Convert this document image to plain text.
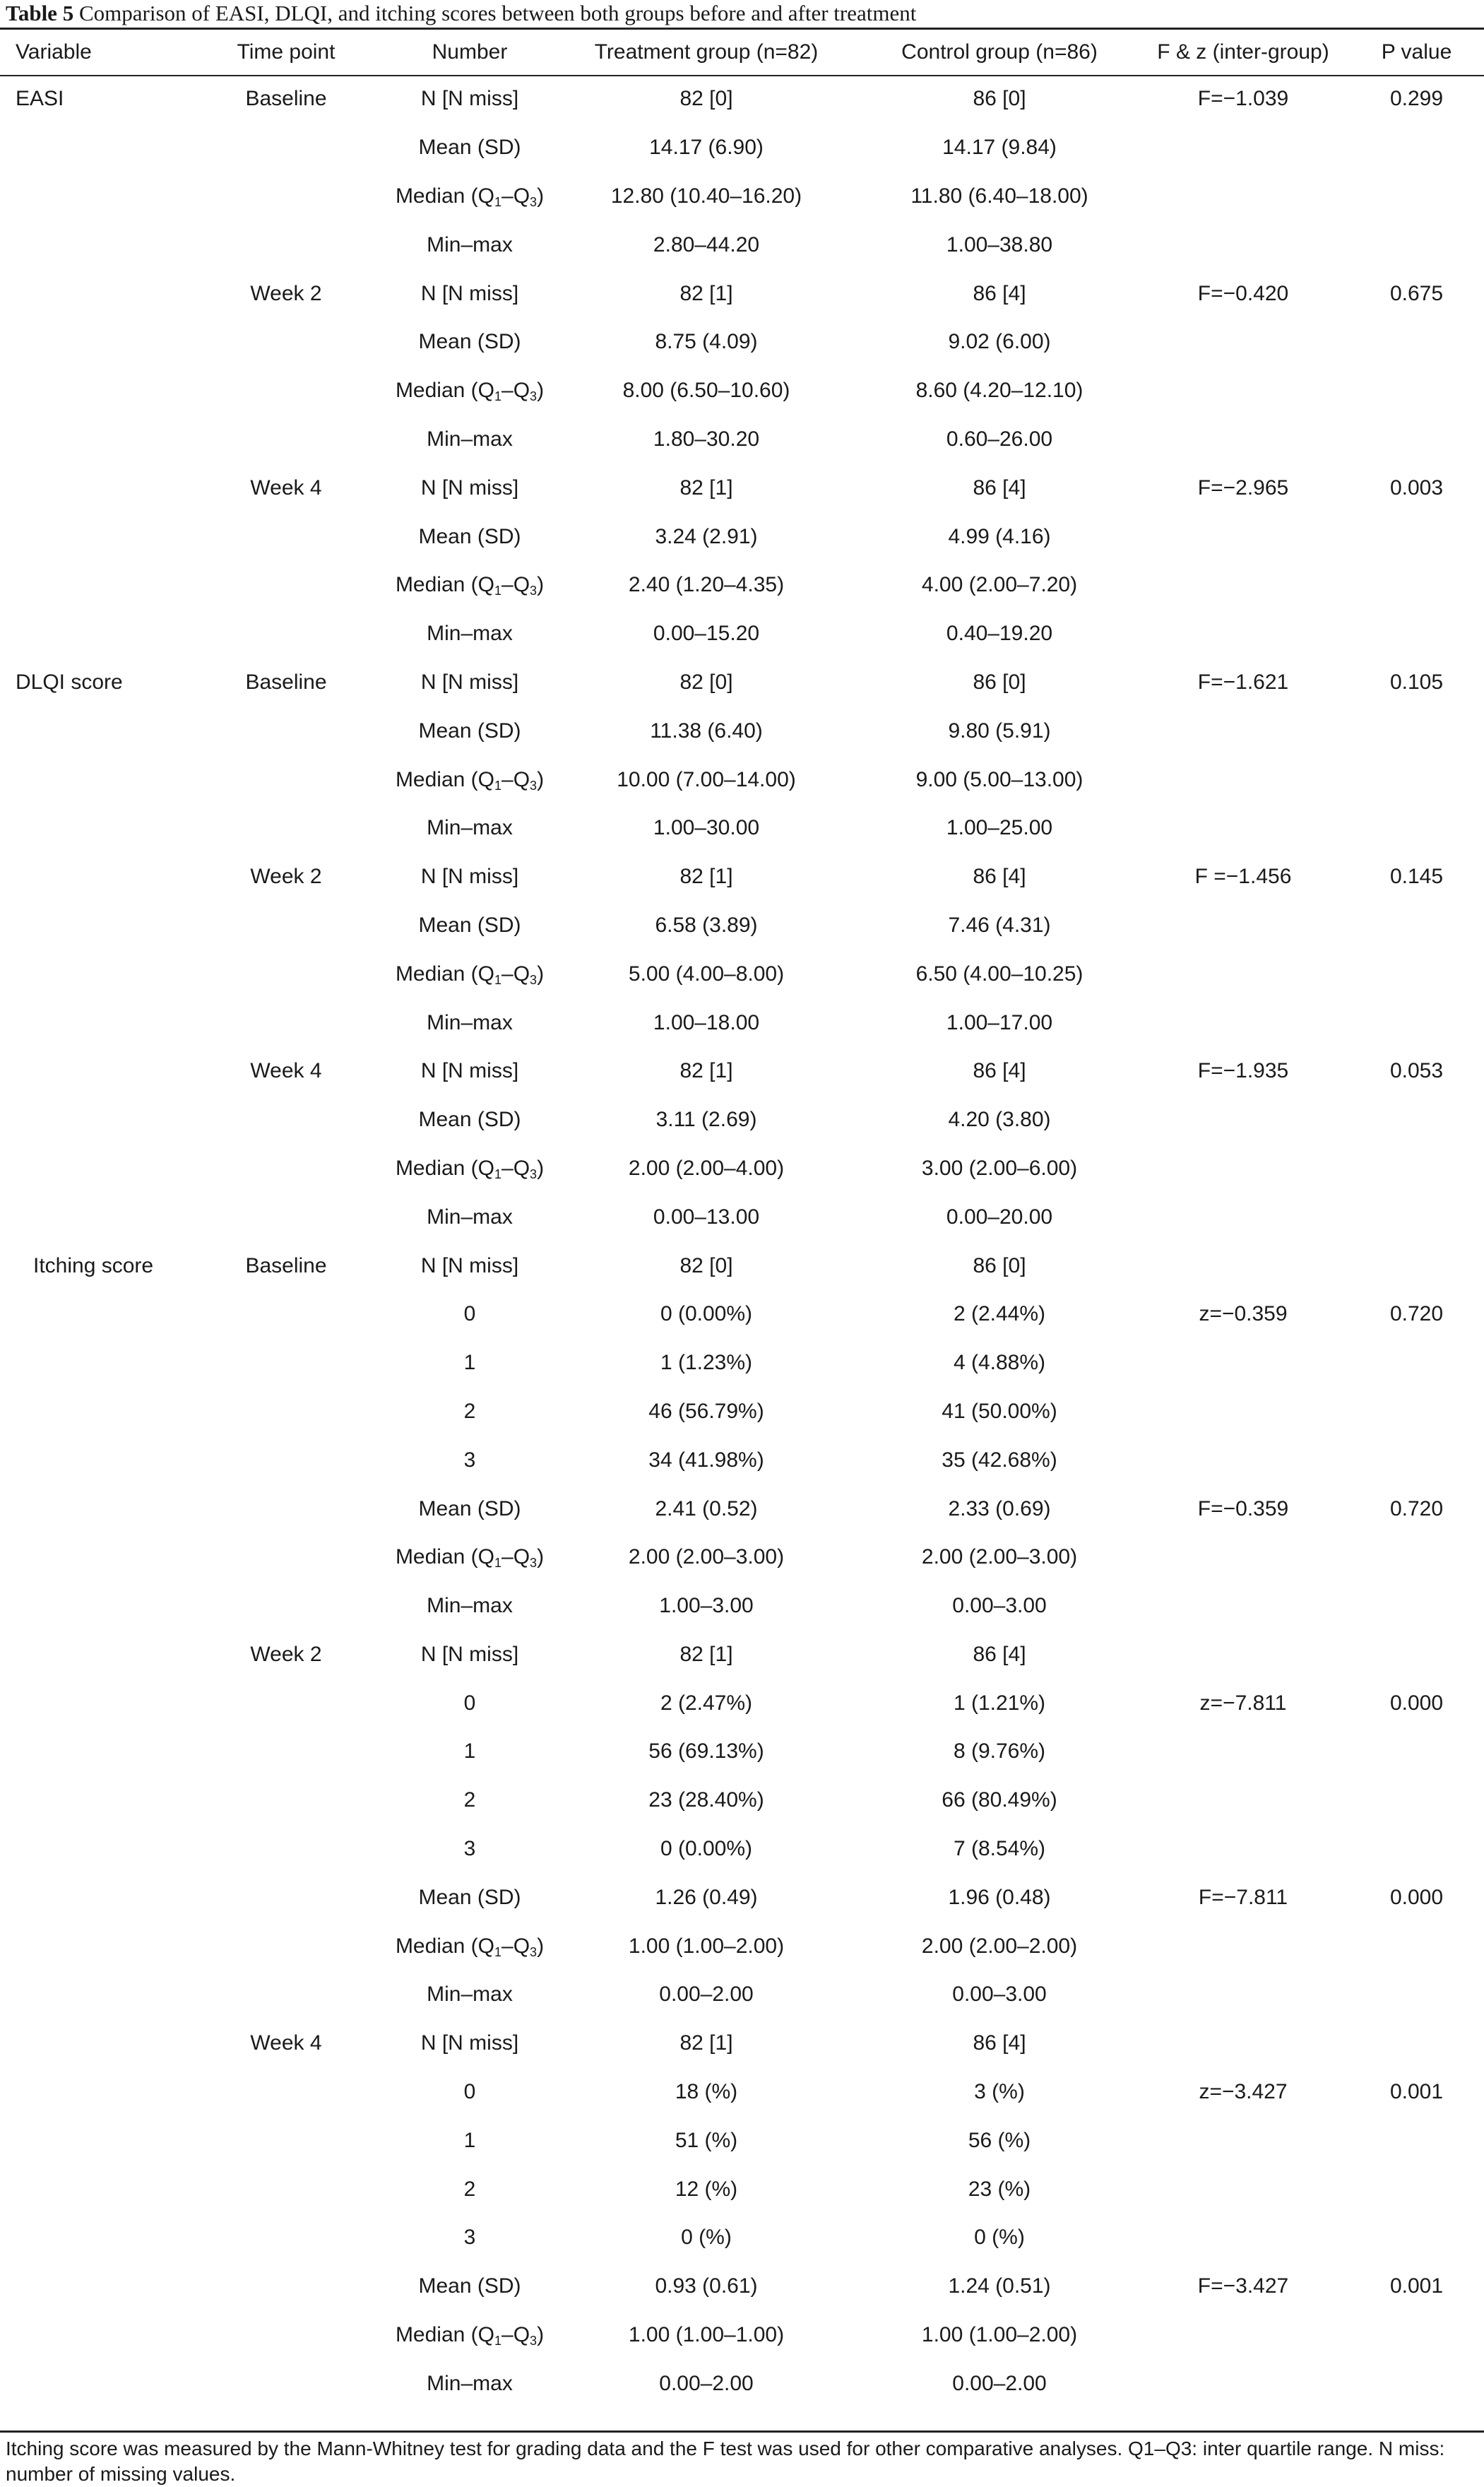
Table 5 Comparison of EASI, DLQI, and itching scores between both groups before and after treatment
Variable	Time point	Number	Treatment group (n=82)	Control group (n=86)	F & z (inter-group)	P value
EASI	Baseline	N [N miss]	82 [0]	86 [0]	F=−1.039	0.299
		Mean (SD)	14.17 (6.90)	14.17 (9.84)		
		Median $(Q_1-Q_3)$	12.80 (10.40–16.20)	11.80 (6.40–18.00)		
		Min–max	2.80–44.20	1.00–38.80		
	Week 2	N [N miss]	82 [1]	86 [4]	F=−0.420	0.675
		Mean (SD)	8.75 (4.09)	9.02 (6.00)		
		Median $(Q_1-Q_3)$	8.00 (6.50–10.60)	8.60 (4.20–12.10)		
		Min–max	1.80–30.20	0.60–26.00		
	Week 4	N [N miss]	82 [1]	86 [4]	F=−2.965	0.003
		Mean (SD)	3.24 (2.91)	4.99 (4.16)		
		Median $(Q_1-Q_3)$	2.40 (1.20–4.35)	4.00 (2.00–7.20)		
		Min–max	0.00–15.20	0.40–19.20		
DLQI score	Baseline	N [N miss]	82 [0]	86 [0]	F=−1.621	0.105
		Mean (SD)	11.38 (6.40)	9.80 (5.91)		
		Median $(Q_1-Q_3)$	10.00 (7.00–14.00)	9.00 (5.00–13.00)		
		Min–max	1.00–30.00	1.00–25.00		
	Week 2	N [N miss]	82 [1]	86 [4]	F =−1.456	0.145
		Mean (SD)	6.58 (3.89)	7.46 (4.31)		
		Median $(Q_1-Q_3)$	5.00 (4.00–8.00)	6.50 (4.00–10.25)		
		Min–max	1.00–18.00	1.00–17.00		
	Week 4	N [N miss]	82 [1]	86 [4]	F=−1.935	0.053
		Mean (SD)	3.11 (2.69)	4.20 (3.80)		
		Median $(Q_1-Q_3)$	2.00 (2.00–4.00)	3.00 (2.00–6.00)		
		Min–max	0.00–13.00	0.00–20.00		
Itching score	Baseline	N [N miss]	82 [0]	86 [0]		
		0	0 (0.00%)	2 (2.44%)	z=−0.359	0.720
		1	1 (1.23%)	4 (4.88%)		
		2	46 (56.79%)	41 (50.00%)		
		3	34 (41.98%)	35 (42.68%)		
		Mean (SD)	2.41 (0.52)	2.33 (0.69)	F=−0.359	0.720
		Median $(Q_1-Q_3)$	2.00 (2.00–3.00)	2.00 (2.00–3.00)		
		Min–max	1.00–3.00	0.00–3.00		
	Week 2	N [N miss]	82 [1]	86 [4]		
		0	2 (2.47%)	1 (1.21%)	z=−7.811	0.000
		1	56 (69.13%)	8 (9.76%)		
		2	23 (28.40%)	66 (80.49%)		
		3	0 (0.00%)	7 (8.54%)		
		Mean (SD)	1.26 (0.49)	1.96 (0.48)	F=−7.811	0.000
		Median $(Q_1-Q_3)$	1.00 (1.00–2.00)	2.00 (2.00–2.00)		
		Min–max	0.00–2.00	0.00–3.00		
	Week 4	N [N miss]	82 [1]	86 [4]		
		0	18 (%)	3 (%)	z=−3.427	0.001
		1	51 (%)	56 (%)		
		2	12 (%)	23 (%)		
		3	0 (%)	0 (%)		
		Mean (SD)	0.93 (0.61)	1.24 (0.51)	F=−3.427	0.001
		Median $(Q_1-Q_3)$	1.00 (1.00–1.00)	1.00 (1.00–2.00)		
		Min–max	0.00–2.00	0.00–2.00		
Itching score was measured by the Mann-Whitney test for grading data and the F test was used for other comparative analyses. Q1–Q3: inter quartile range. N miss: number of missing values.
